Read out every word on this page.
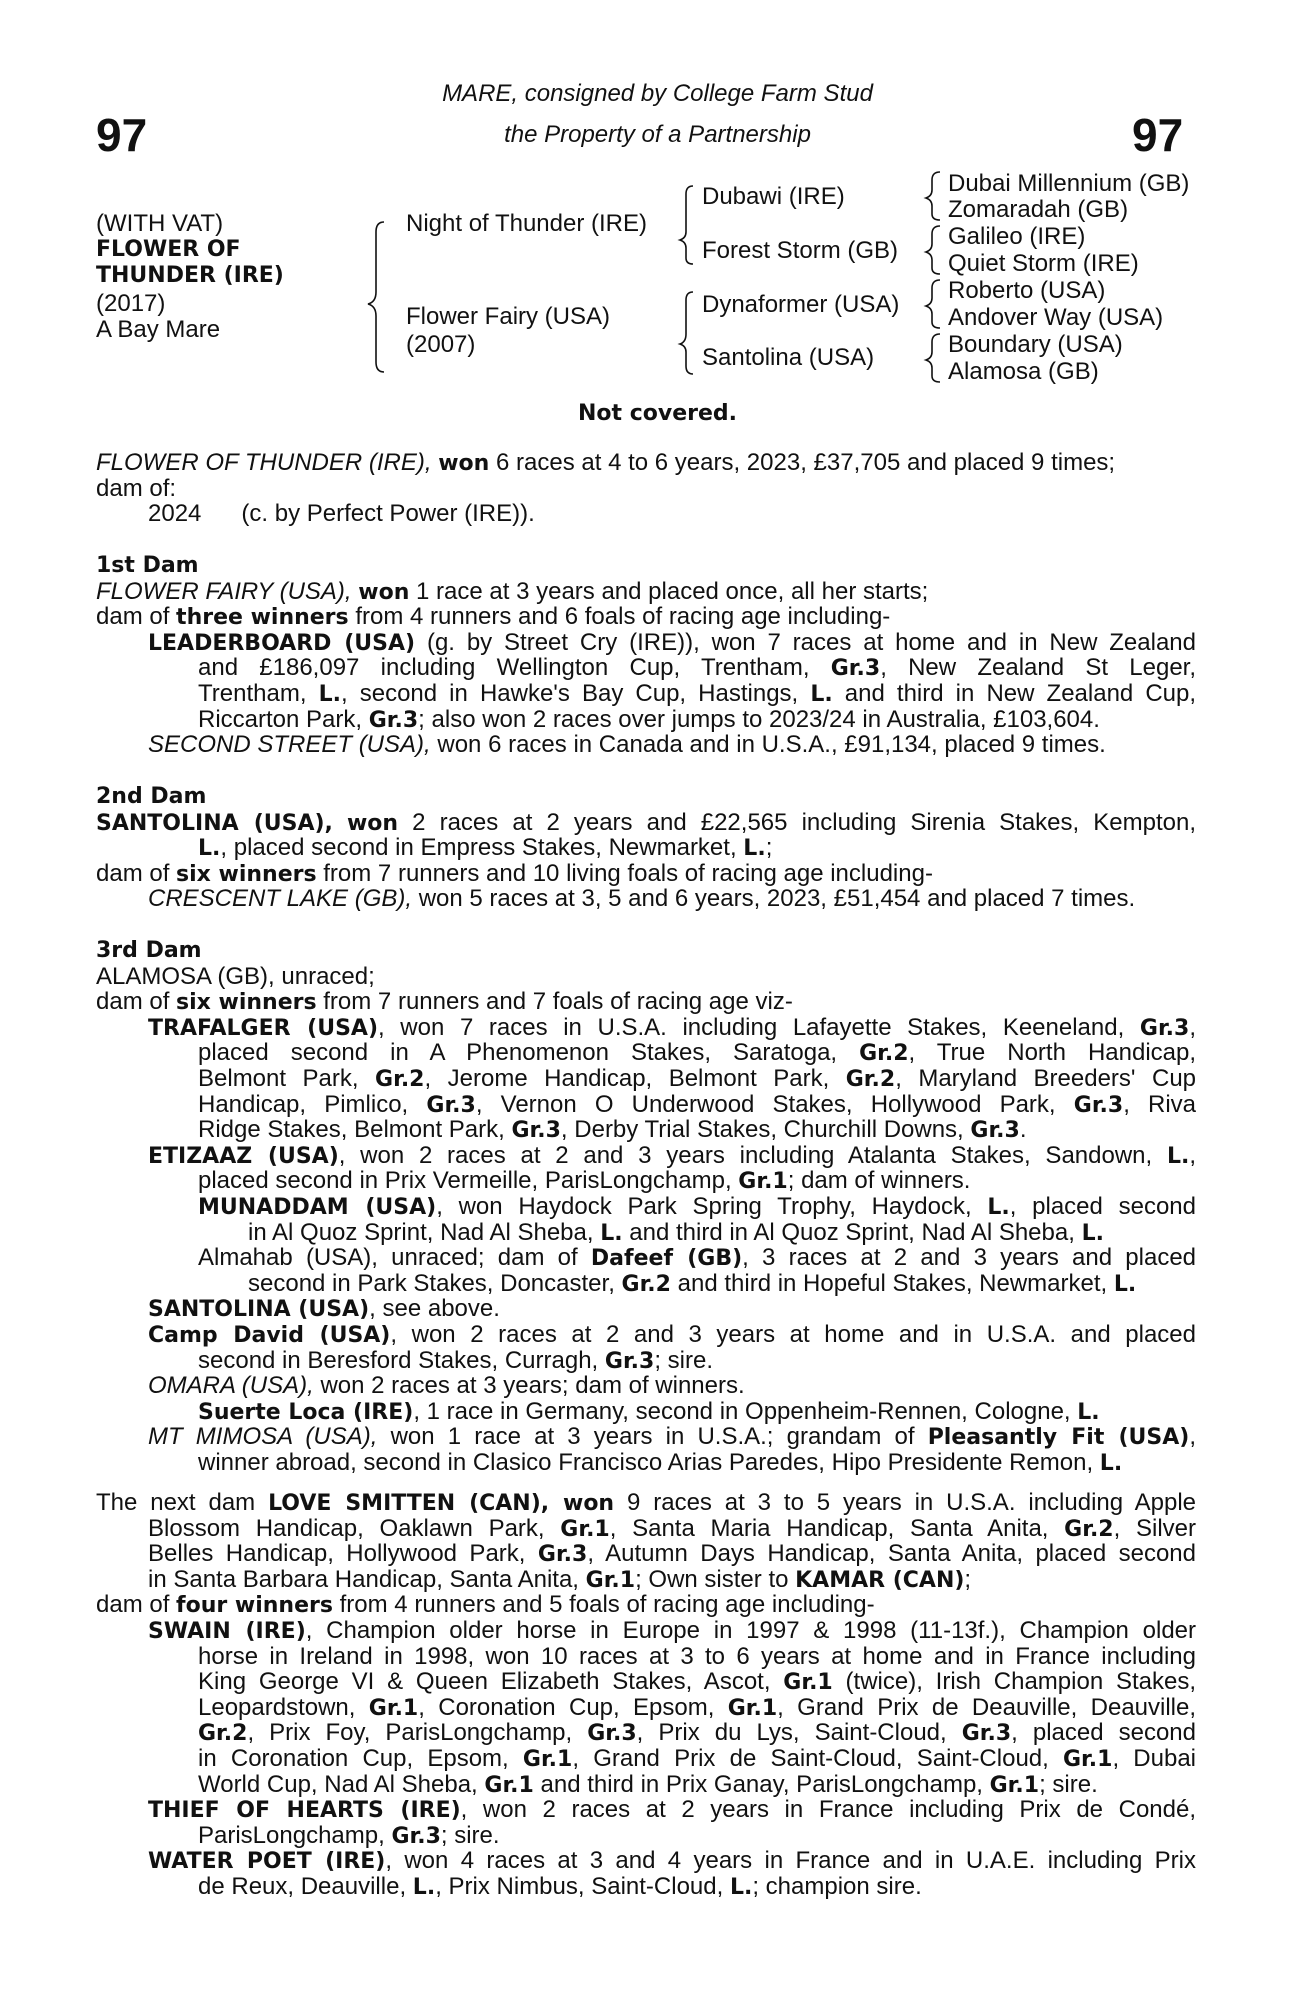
97	97
MARE, consigned by College Farm Stud
the Property of a Partnership
(WITH VAT)
FLOWER OF
THUNDER (IRE)
(2017)
A Bay Mare
Night of Thunder (IRE)
Flower Fairy (USA)
(2007)
Dubawi (IRE)
Forest Storm (GB)
Dynaformer (USA)
Santolina (USA)
Dubai Millennium (GB)
Zomaradah (GB)
Galileo (IRE)
Quiet Storm (IRE)
Roberto (USA)
Andover Way (USA)
Boundary (USA)
Alamosa (GB)
Not covered.
FLOWER OF THUNDER (IRE), won 6 races at 4 to 6 years, 2023, £37,705 and placed 9 times;
dam of:
2024 (c. by Perfect Power (IRE)).
1st Dam
FLOWER FAIRY (USA), won 1 race at 3 years and placed once, all her starts;
dam of three winners from 4 runners and 6 foals of racing age including-
LEADERBOARD (USA) (g. by Street Cry (IRE)), won 7 races at home and in New Zealand
and £186,097 including Wellington Cup, Trentham, Gr.3, New Zealand St Leger,
Trentham, L., second in Hawke's Bay Cup, Hastings, L. and third in New Zealand Cup,
Riccarton Park, Gr.3; also won 2 races over jumps to 2023/24 in Australia, £103,604.
SECOND STREET (USA), won 6 races in Canada and in U.S.A., £91,134, placed 9 times.
2nd Dam
SANTOLINA (USA), won 2 races at 2 years and £22,565 including Sirenia Stakes, Kempton,
L., placed second in Empress Stakes, Newmarket, L.;
dam of six winners from 7 runners and 10 living foals of racing age including-
CRESCENT LAKE (GB), won 5 races at 3, 5 and 6 years, 2023, £51,454 and placed 7 times.
3rd Dam
ALAMOSA (GB), unraced;
dam of six winners from 7 runners and 7 foals of racing age viz-
TRAFALGER (USA), won 7 races in U.S.A. including Lafayette Stakes, Keeneland, Gr.3,
placed second in A Phenomenon Stakes, Saratoga, Gr.2, True North Handicap,
Belmont Park, Gr.2, Jerome Handicap, Belmont Park, Gr.2, Maryland Breeders' Cup
Handicap, Pimlico, Gr.3, Vernon O Underwood Stakes, Hollywood Park, Gr.3, Riva
Ridge Stakes, Belmont Park, Gr.3, Derby Trial Stakes, Churchill Downs, Gr.3.
ETIZAAZ (USA), won 2 races at 2 and 3 years including Atalanta Stakes, Sandown, L.,
placed second in Prix Vermeille, ParisLongchamp, Gr.1; dam of winners.
MUNADDAM (USA), won Haydock Park Spring Trophy, Haydock, L., placed second
in Al Quoz Sprint, Nad Al Sheba, L. and third in Al Quoz Sprint, Nad Al Sheba, L.
Almahab (USA), unraced; dam of Dafeef (GB), 3 races at 2 and 3 years and placed
second in Park Stakes, Doncaster, Gr.2 and third in Hopeful Stakes, Newmarket, L.
SANTOLINA (USA), see above.
Camp David (USA), won 2 races at 2 and 3 years at home and in U.S.A. and placed
second in Beresford Stakes, Curragh, Gr.3; sire.
OMARA (USA), won 2 races at 3 years; dam of winners.
Suerte Loca (IRE), 1 race in Germany, second in Oppenheim-Rennen, Cologne, L.
MT MIMOSA (USA), won 1 race at 3 years in U.S.A.; grandam of Pleasantly Fit (USA),
winner abroad, second in Clasico Francisco Arias Paredes, Hipo Presidente Remon, L.
The next dam LOVE SMITTEN (CAN), won 9 races at 3 to 5 years in U.S.A. including Apple
Blossom Handicap, Oaklawn Park, Gr.1, Santa Maria Handicap, Santa Anita, Gr.2, Silver
Belles Handicap, Hollywood Park, Gr.3, Autumn Days Handicap, Santa Anita, placed second
in Santa Barbara Handicap, Santa Anita, Gr.1; Own sister to KAMAR (CAN);
dam of four winners from 4 runners and 5 foals of racing age including-
SWAIN (IRE), Champion older horse in Europe in 1997 & 1998 (11-13f.), Champion older
horse in Ireland in 1998, won 10 races at 3 to 6 years at home and in France including
King George VI & Queen Elizabeth Stakes, Ascot, Gr.1 (twice), Irish Champion Stakes,
Leopardstown, Gr.1, Coronation Cup, Epsom, Gr.1, Grand Prix de Deauville, Deauville,
Gr.2, Prix Foy, ParisLongchamp, Gr.3, Prix du Lys, Saint-Cloud, Gr.3, placed second
in Coronation Cup, Epsom, Gr.1, Grand Prix de Saint-Cloud, Saint-Cloud, Gr.1, Dubai
World Cup, Nad Al Sheba, Gr.1 and third in Prix Ganay, ParisLongchamp, Gr.1; sire.
THIEF OF HEARTS (IRE), won 2 races at 2 years in France including Prix de Condé,
ParisLongchamp, Gr.3; sire.
WATER POET (IRE), won 4 races at 3 and 4 years in France and in U.A.E. including Prix
de Reux, Deauville, L., Prix Nimbus, Saint-Cloud, L.; champion sire.
